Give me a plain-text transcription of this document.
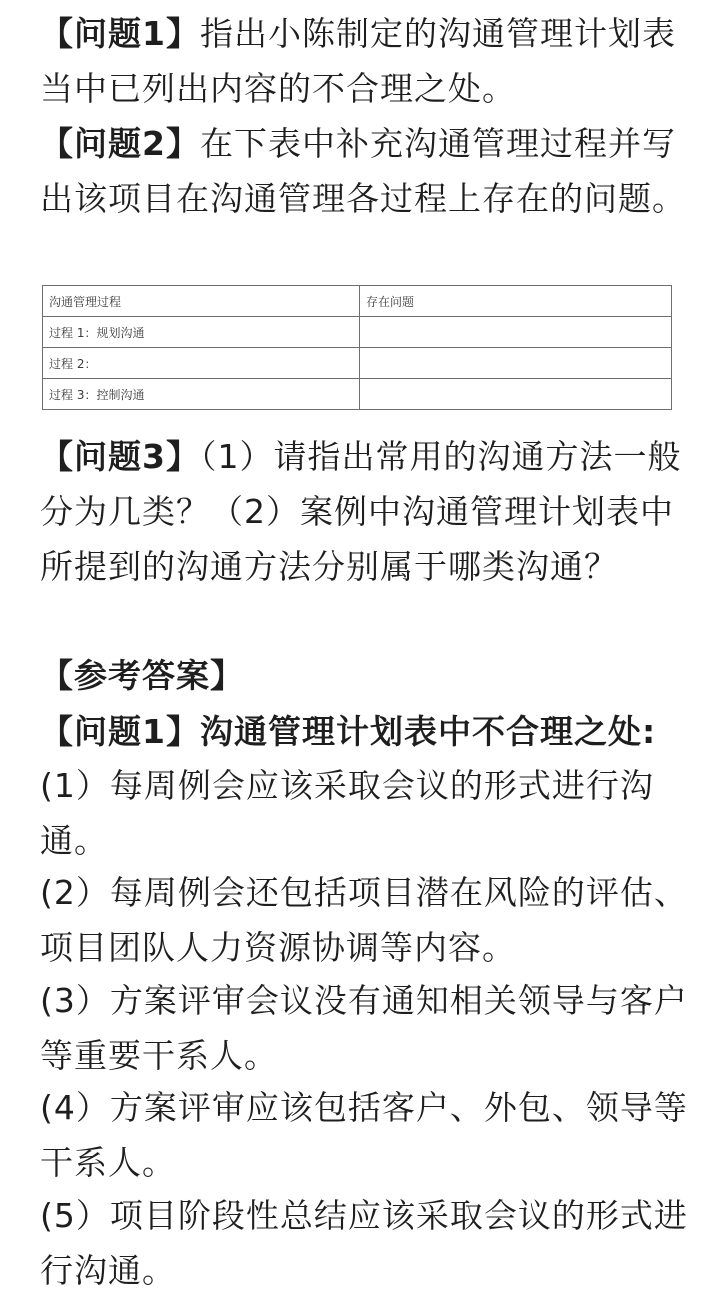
【问题1】指出小陈制定的沟通管理计划表当中已列出内容的不合理之处。
【问题2】在下表中补充沟通管理过程并写出该项目在沟通管理各过程上存在的问题。
沟通管理过程	存在问题
过程 1：规划沟通	
过程 2：	
过程 3：控制沟通	
【问题3】（1）请指出常用的沟通方法一般分为几类？（2）案例中沟通管理计划表中所提到的沟通方法分别属于哪类沟通？
【参考答案】
【问题1】沟通管理计划表中不合理之处:
(1）每周例会应该采取会议的形式进行沟通。
(2）每周例会还包括项目潜在风险的评估、项目团队人力资源协调等内容。
(3）方案评审会议没有通知相关领导与客户等重要干系人。
(4）方案评审应该包括客户、外包、领导等干系人。
(5）项目阶段性总结应该采取会议的形式进行沟通。
